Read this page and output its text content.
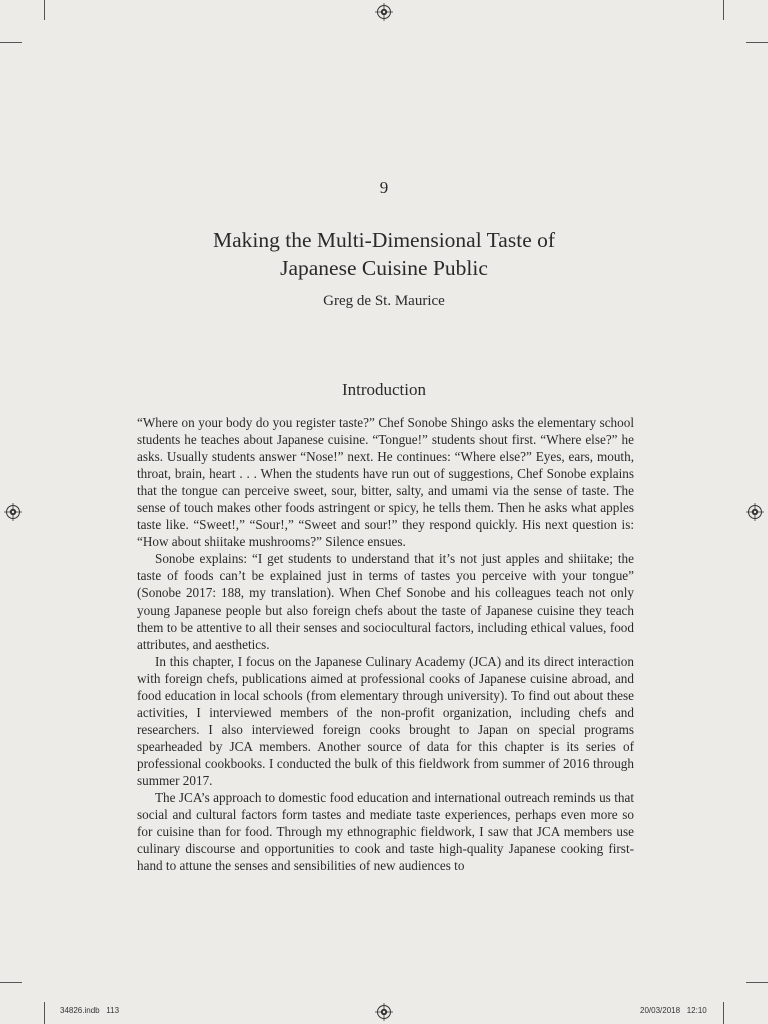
9
Making the Multi-Dimensional Taste of
Japanese Cuisine Public
Greg de St. Maurice
Introduction

“Where on your body do you register taste?” Chef Sonobe Shingo asks the elementary school students he teaches about Japanese cuisine. “Tongue!” students shout first. “Where else?” he asks. Usually students answer “Nose!” next. He continues: “Where else?” Eyes, ears, mouth, throat, brain, heart . . . When the students have run out of suggestions, Chef Sonobe explains that the tongue can perceive sweet, sour, bitter, salty, and umami via the sense of taste. The sense of touch makes other foods astringent or spicy, he tells them. Then he asks what apples taste like. “Sweet!,” “Sour!,” “Sweet and sour!” they respond quickly. His next question is: “How about shiitake mushrooms?” Silence ensues.

Sonobe explains: “I get students to understand that it’s not just apples and shiitake; the taste of foods can’t be explained just in terms of tastes you perceive with your tongue” (Sonobe 2017: 188, my translation). When Chef Sonobe and his colleagues teach not only young Japanese people but also foreign chefs about the taste of Japanese cuisine they teach them to be attentive to all their senses and sociocultural factors, including ethical values, food attributes, and aesthetics.

In this chapter, I focus on the Japanese Culinary Academy (JCA) and its direct interaction with foreign chefs, publications aimed at professional cooks of Japanese cuisine abroad, and food education in local schools (from elementary through university). To find out about these activities, I interviewed members of the non-profit organization, including chefs and researchers. I also interviewed foreign cooks brought to Japan on special programs spearheaded by JCA members. Another source of data for this chapter is its series of professional cookbooks. I conducted the bulk of this fieldwork from summer of 2016 through summer 2017.

The JCA’s approach to domestic food education and international outreach reminds us that social and cultural factors form tastes and mediate taste experiences, perhaps even more so for cuisine than for food. Through my ethnographic fieldwork, I saw that JCA members use culinary discourse and opportunities to cook and taste high-quality Japanese cooking first-hand to attune the senses and sensibilities of new audiences to

34826.indb   113	20/03/2018   12:10
